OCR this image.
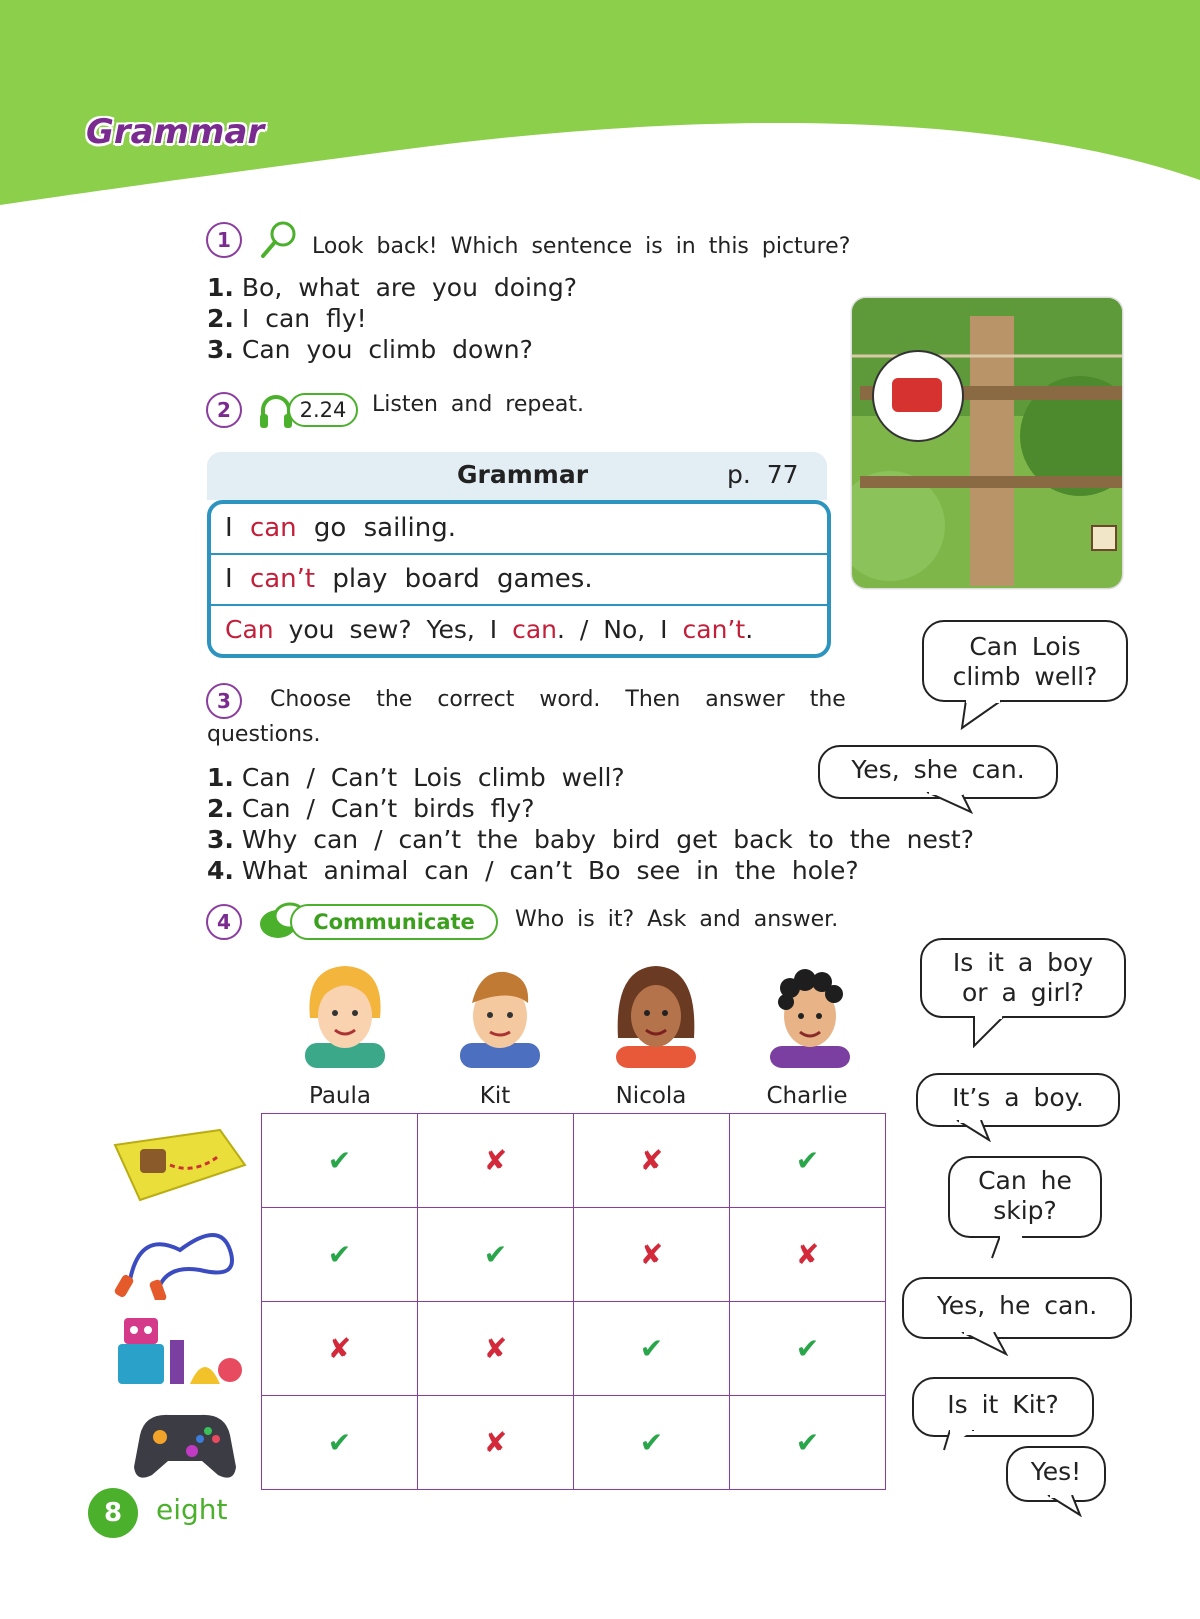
Grammar
1	Look back! Which sentence is in this picture?
1. Bo, what are you doing?
2. I can fly!
3. Can you climb down?
2	2.24	Listen and repeat.
Grammar	p. 77
I can go sailing.
I can’t play board games.
Can you sew? Yes, I can. / No, I can’t.
3	Choose the correct word. Then answer the
questions.
1. Can / Can’t Lois climb well?
2. Can / Can’t birds fly?
3. Why can / can’t the baby bird get back to the nest?
4. What animal can / can’t Bo see in the hole?
Can Lois
climb well?
Yes, she can.
4	Communicate	Who is it? Ask and answer.
Paula	Kit	Nicola	Charlie
✔	✘	✘	✔
✔	✔	✘	✘
✘	✘	✔	✔
✔	✘	✔	✔
Is it a boy
or a girl?
It’s a boy.
Can he
skip?
Yes, he can.
Is it Kit?
Yes!
8	eight
